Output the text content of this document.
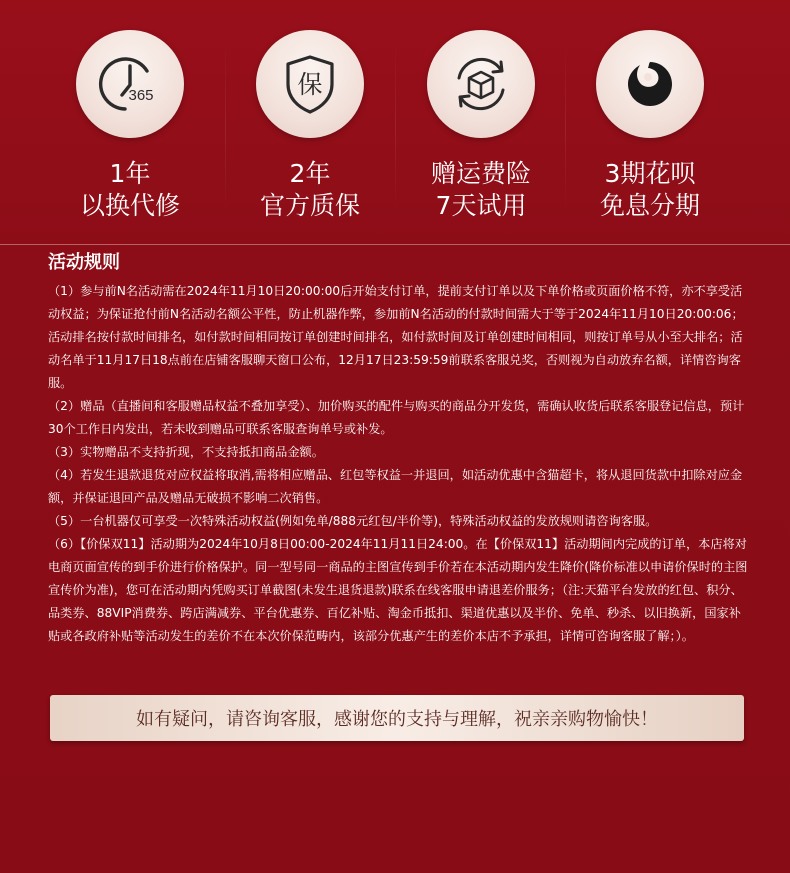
365
1年
以换代修
保
2年
官方质保
赠运费险
7天试用
3期花呗
免息分期
活动规则

（1）参与前N名活动需在2024年11月10日20:00:00后开始支付订单，提前支付订单以及下单价格或页面价格不符，亦不享受活动权益；为保证抢付前N名活动名额公平性，防止机器作弊，参加前N名活动的付款时间需大于等于2024年11月10日20:00:06；活动排名按付款时间排名，如付款时间相同按订单创建时间排名，如付款时间及订单创建时间相同，则按订单号从小至大排名；活动名单于11月17日18点前在店铺客服聊天窗口公布，12月17日23:59:59前联系客服兑奖，否则视为自动放弃名额，详情咨询客服。

（2）赠品（直播间和客服赠品权益不叠加享受）、加价购买的配件与购买的商品分开发货，需确认收货后联系客服登记信息，预计30个工作日内发出，若未收到赠品可联系客服查询单号或补发。

（3）实物赠品不支持折现，不支持抵扣商品金额。

（4）若发生退款退货对应权益将取消,需将相应赠品、红包等权益一并退回，如活动优惠中含猫超卡，将从退回货款中扣除对应金额，并保证退回产品及赠品无破损不影响二次销售。

（5）一台机器仅可享受一次特殊活动权益(例如免单/888元红包/半价等)，特殊活动权益的发放规则请咨询客服。

（6）【价保双11】活动期为2024年10月8日00:00-2024年11月11日24:00。在【价保双11】活动期间内完成的订单，本店将对电商页面宣传的到手价进行价格保护。同一型号同一商品的主图宣传到手价若在本活动期内发生降价(降价标准以申请价保时的主图宣传价为准)，您可在活动期内凭购买订单截图(未发生退货退款)联系在线客服申请退差价服务；（注:天猫平台发放的红包、积分、品类券、88VIP消费券、跨店满减券、平台优惠券、百亿补贴、淘金币抵扣、渠道优惠以及半价、免单、秒杀、以旧换新，国家补贴或各政府补贴等活动发生的差价不在本次价保范畴内，该部分优惠产生的差价本店不予承担，详情可咨询客服了解；）。

如有疑问，请咨询客服，感谢您的支持与理解，祝亲亲购物愉快！
